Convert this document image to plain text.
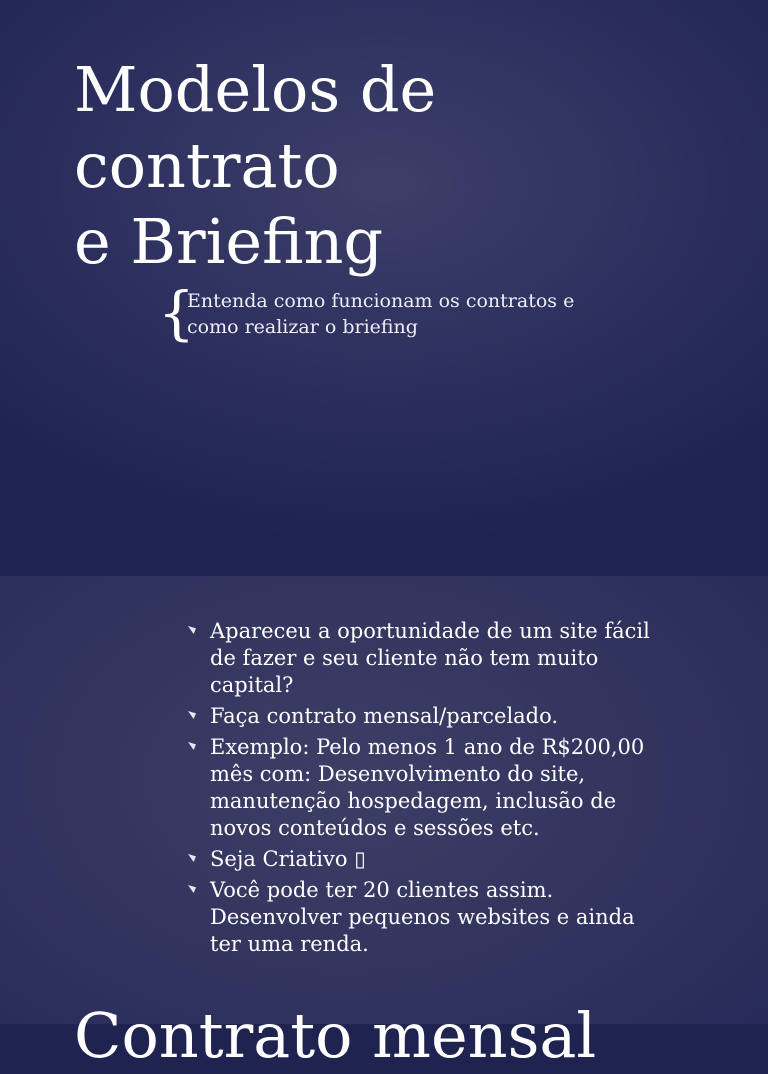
Modelos de
contrato
e Briefing
{
Entenda como funcionam os contratos e
como realizar o briefing
Apareceu a oportunidade de um site fácil
de fazer e seu cliente não tem muito
capital?
Faça contrato mensal/parcelado.
Exemplo: Pelo menos 1 ano de R$200,00
mês com: Desenvolvimento do site,
manutenção hospedagem, inclusão de
novos conteúdos e sessões etc.
Seja Criativo ▯
Você pode ter 20 clientes assim.
Desenvolver pequenos websites e ainda
ter uma renda.
Contrato mensal
